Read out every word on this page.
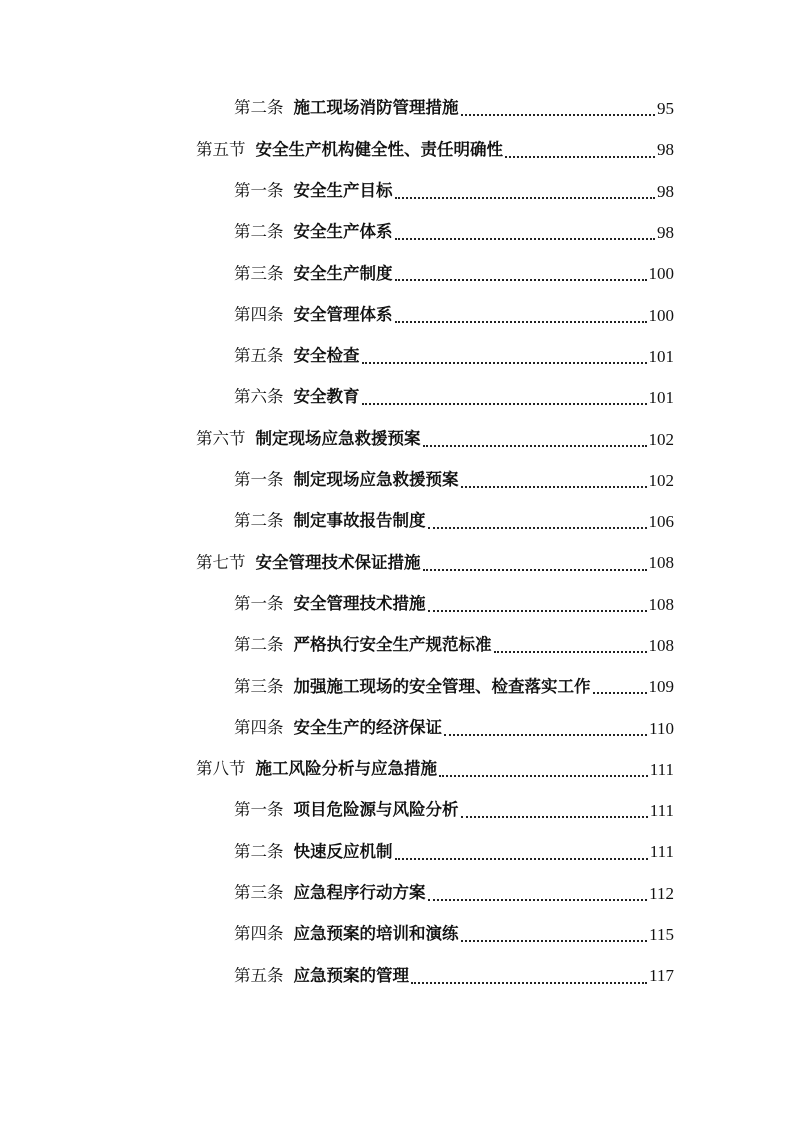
第二条 施工现场消防管理措施	95
第五节 安全生产机构健全性、责任明确性	98
第一条 安全生产目标	98
第二条 安全生产体系	98
第三条 安全生产制度	100
第四条 安全管理体系	100
第五条 安全检查	101
第六条 安全教育	101
第六节 制定现场应急救援预案	102
第一条 制定现场应急救援预案	102
第二条 制定事故报告制度	106
第七节 安全管理技术保证措施	108
第一条 安全管理技术措施	108
第二条 严格执行安全生产规范标准	108
第三条 加强施工现场的安全管理、检查落实工作	109
第四条 安全生产的经济保证	110
第八节 施工风险分析与应急措施	111
第一条 项目危险源与风险分析	111
第二条 快速反应机制	111
第三条 应急程序行动方案	112
第四条 应急预案的培训和演练	115
第五条 应急预案的管理	117
